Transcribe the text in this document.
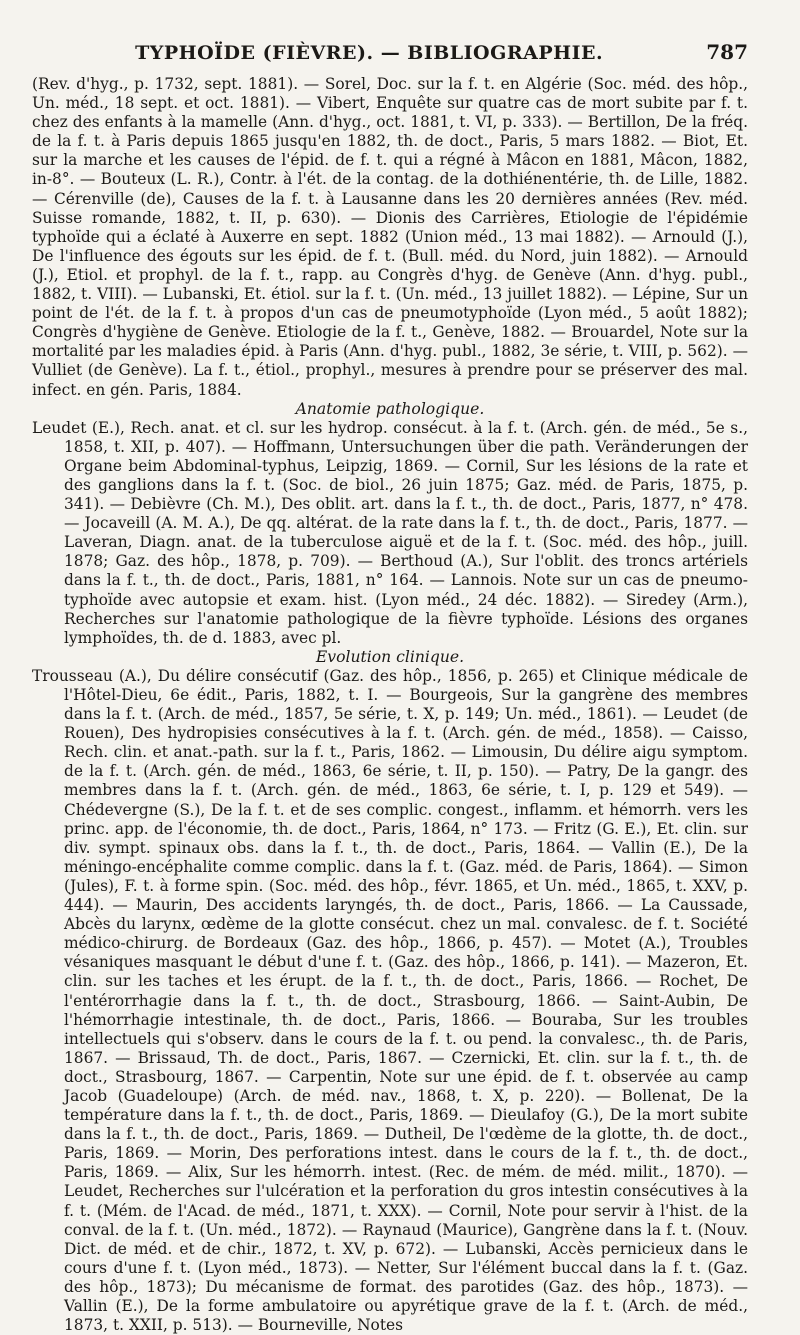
TYPHOÏDE (FIÈVRE). — BIBLIOGRAPHIE.	787

(Rev. d'hyg., p. 1732, sept. 1881). — Sorel, Doc. sur la f. t. en Algérie (Soc. méd. des hôp., Un. méd., 18 sept. et oct. 1881). — Vibert, Enquête sur quatre cas de mort subite par f. t. chez des enfants à la mamelle (Ann. d'hyg., oct. 1881, t. VI, p. 333). — Bertillon, De la fréq. de la f. t. à Paris depuis 1865 jusqu'en 1882, th. de doct., Paris, 5 mars 1882. — Biot, Et. sur la marche et les causes de l'épid. de f. t. qui a régné à Mâcon en 1881, Mâcon, 1882, in-8°. — Bouteux (L. R.), Contr. à l'ét. de la contag. de la dothiénentérie, th. de Lille, 1882. — Cérenville (de), Causes de la f. t. à Lausanne dans les 20 dernières années (Rev. méd. Suisse romande, 1882, t. II, p. 630). — Dionis des Carrières, Etiologie de l'épidémie typhoïde qui a éclaté à Auxerre en sept. 1882 (Union méd., 13 mai 1882). — Arnould (J.), De l'influence des égouts sur les épid. de f. t. (Bull. méd. du Nord, juin 1882). — Arnould (J.), Etiol. et prophyl. de la f. t., rapp. au Congrès d'hyg. de Genève (Ann. d'hyg. publ., 1882, t. VIII). — Lubanski, Et. étiol. sur la f. t. (Un. méd., 13 juillet 1882). — Lépine, Sur un point de l'ét. de la f. t. à propos d'un cas de pneumotyphoïde (Lyon méd., 5 août 1882); Congrès d'hygiène de Genève. Etiologie de la f. t., Genève, 1882. — Brouardel, Note sur la mortalité par les maladies épid. à Paris (Ann. d'hyg. publ., 1882, 3e série, t. VIII, p. 562). — Vulliet (de Genève). La f. t., étiol., prophyl., mesures à prendre pour se préserver des mal. infect. en gén. Paris, 1884.

Anatomie pathologique.

Leudet (E.), Rech. anat. et cl. sur les hydrop. consécut. à la f. t. (Arch. gén. de méd., 5e s., 1858, t. XII, p. 407). — Hoffmann, Untersuchungen über die path. Veränderungen der Organe beim Abdominal-typhus, Leipzig, 1869. — Cornil, Sur les lésions de la rate et des ganglions dans la f. t. (Soc. de biol., 26 juin 1875; Gaz. méd. de Paris, 1875, p. 341). — Debièvre (Ch. M.), Des oblit. art. dans la f. t., th. de doct., Paris, 1877, n° 478. — Jocaveill (A. M. A.), De qq. altérat. de la rate dans la f. t., th. de doct., Paris, 1877. — Laveran, Diagn. anat. de la tuberculose aiguë et de la f. t. (Soc. méd. des hôp., juill. 1878; Gaz. des hôp., 1878, p. 709). — Berthoud (A.), Sur l'oblit. des troncs artériels dans la f. t., th. de doct., Paris, 1881, n° 164. — Lannois. Note sur un cas de pneumo-typhoïde avec autopsie et exam. hist. (Lyon méd., 24 déc. 1882). — Siredey (Arm.), Recherches sur l'anatomie pathologique de la fièvre typhoïde. Lésions des organes lymphoïdes, th. de d. 1883, avec pl.

Evolution clinique.

Trousseau (A.), Du délire consécutif (Gaz. des hôp., 1856, p. 265) et Clinique médicale de l'Hôtel-Dieu, 6e édit., Paris, 1882, t. I. — Bourgeois, Sur la gangrène des membres dans la f. t. (Arch. de méd., 1857, 5e série, t. X, p. 149; Un. méd., 1861). — Leudet (de Rouen), Des hydropisies consécutives à la f. t. (Arch. gén. de méd., 1858). — Caisso, Rech. clin. et anat.-path. sur la f. t., Paris, 1862. — Limousin, Du délire aigu symptom. de la f. t. (Arch. gén. de méd., 1863, 6e série, t. II, p. 150). — Patry, De la gangr. des membres dans la f. t. (Arch. gén. de méd., 1863, 6e série, t. I, p. 129 et 549). — Chédevergne (S.), De la f. t. et de ses complic. congest., inflamm. et hémorrh. vers les princ. app. de l'économie, th. de doct., Paris, 1864, n° 173. — Fritz (G. E.), Et. clin. sur div. sympt. spinaux obs. dans la f. t., th. de doct., Paris, 1864. — Vallin (E.), De la méningo-encéphalite comme complic. dans la f. t. (Gaz. méd. de Paris, 1864). — Simon (Jules), F. t. à forme spin. (Soc. méd. des hôp., févr. 1865, et Un. méd., 1865, t. XXV, p. 444). — Maurin, Des accidents laryngés, th. de doct., Paris, 1866. — La Caussade, Abcès du larynx, œdème de la glotte consécut. chez un mal. convalesc. de f. t. Société médico-chirurg. de Bordeaux (Gaz. des hôp., 1866, p. 457). — Motet (A.), Troubles vésaniques masquant le début d'une f. t. (Gaz. des hôp., 1866, p. 141). — Mazeron, Et. clin. sur les taches et les érupt. de la f. t., th. de doct., Paris, 1866. — Rochet, De l'entérorrhagie dans la f. t., th. de doct., Strasbourg, 1866. — Saint-Aubin, De l'hémorrhagie intestinale, th. de doct., Paris, 1866. — Bouraba, Sur les troubles intellectuels qui s'observ. dans le cours de la f. t. ou pend. la convalesc., th. de Paris, 1867. — Brissaud, Th. de doct., Paris, 1867. — Czernicki, Et. clin. sur la f. t., th. de doct., Strasbourg, 1867. — Carpentin, Note sur une épid. de f. t. observée au camp Jacob (Guadeloupe) (Arch. de méd. nav., 1868, t. X, p. 220). — Bollenat, De la température dans la f. t., th. de doct., Paris, 1869. — Dieulafoy (G.), De la mort subite dans la f. t., th. de doct., Paris, 1869. — Dutheil, De l'œdème de la glotte, th. de doct., Paris, 1869. — Morin, Des perforations intest. dans le cours de la f. t., th. de doct., Paris, 1869. — Alix, Sur les hémorrh. intest. (Rec. de mém. de méd. milit., 1870). — Leudet, Recherches sur l'ulcération et la perforation du gros intestin consécutives à la f. t. (Mém. de l'Acad. de méd., 1871, t. XXX). — Cornil, Note pour servir à l'hist. de la conval. de la f. t. (Un. méd., 1872). — Raynaud (Maurice), Gangrène dans la f. t. (Nouv. Dict. de méd. et de chir., 1872, t. XV, p. 672). — Lubanski, Accès pernicieux dans le cours d'une f. t. (Lyon méd., 1873). — Netter, Sur l'élément buccal dans la f. t. (Gaz. des hôp., 1873); Du mécanisme de format. des parotides (Gaz. des hôp., 1873). — Vallin (E.), De la forme ambulatoire ou apyrétique grave de la f. t. (Arch. de méd., 1873, t. XXII, p. 513). — Bourneville, Notes
